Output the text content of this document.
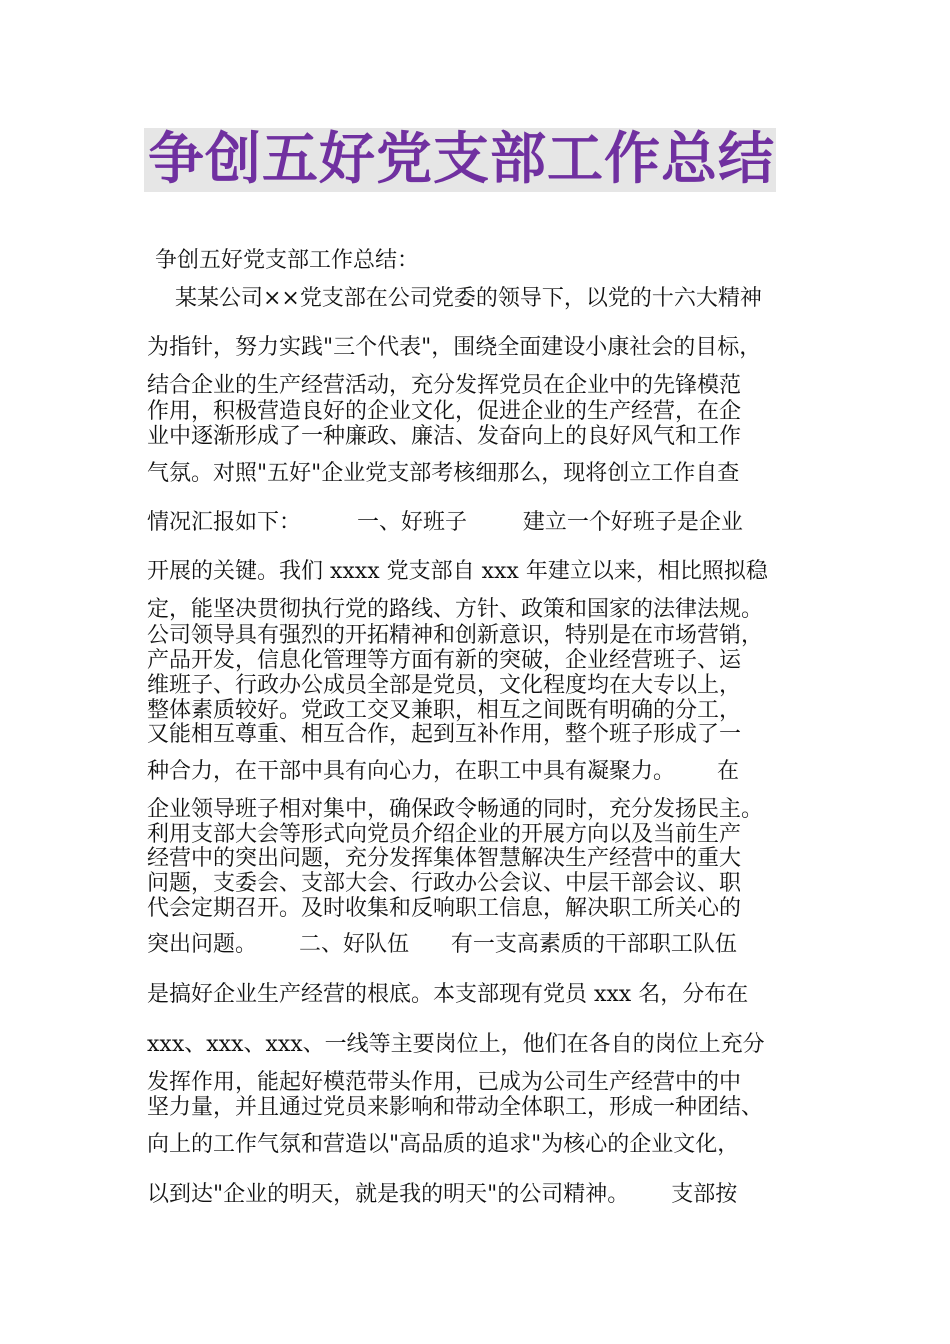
争创五好党支部工作总结

争创五好党支部工作总结：

某某公司××党支部在公司党委的领导下，以党的十六大精神

为指针，努力实践"三个代表"，围绕全面建设小康社会的目标，

结合企业的生产经营活动，充分发挥党员在企业中的先锋模范

作用，积极营造良好的企业文化，促进企业的生产经营，在企

业中逐渐形成了一种廉政、廉洁、发奋向上的良好风气和工作

气氛。对照"五好"企业党支部考核细那么，现将创立工作自查

情况汇报如下：        一、好班子        建立一个好班子是企业

开展的关键。我们 xxxx 党支部自 xxx 年建立以来，相比照拟稳

定，能坚决贯彻执行党的路线、方针、政策和国家的法律法规。

公司领导具有强烈的开拓精神和创新意识，特别是在市场营销，

产品开发，信息化管理等方面有新的突破，企业经营班子、运

维班子、行政办公成员全部是党员，文化程度均在大专以上，

整体素质较好。党政工交叉兼职，相互之间既有明确的分工，

又能相互尊重、相互合作，起到互补作用，整个班子形成了一

种合力，在干部中具有向心力，在职工中具有凝聚力。      在

企业领导班子相对集中，确保政令畅通的同时，充分发扬民主。

利用支部大会等形式向党员介绍企业的开展方向以及当前生产

经营中的突出问题，充分发挥集体智慧解决生产经营中的重大

问题，支委会、支部大会、行政办公会议、中层干部会议、职

代会定期召开。及时收集和反响职工信息，解决职工所关心的

突出问题。      二、好队伍      有一支高素质的干部职工队伍

是搞好企业生产经营的根底。本支部现有党员 xxx 名，分布在

xxx、xxx、xxx、一线等主要岗位上，他们在各自的岗位上充分

发挥作用，能起好模范带头作用，已成为公司生产经营中的中

坚力量，并且通过党员来影响和带动全体职工，形成一种团结、

向上的工作气氛和营造以"高品质的追求"为核心的企业文化，

以到达"企业的明天，就是我的明天"的公司精神。      支部按
